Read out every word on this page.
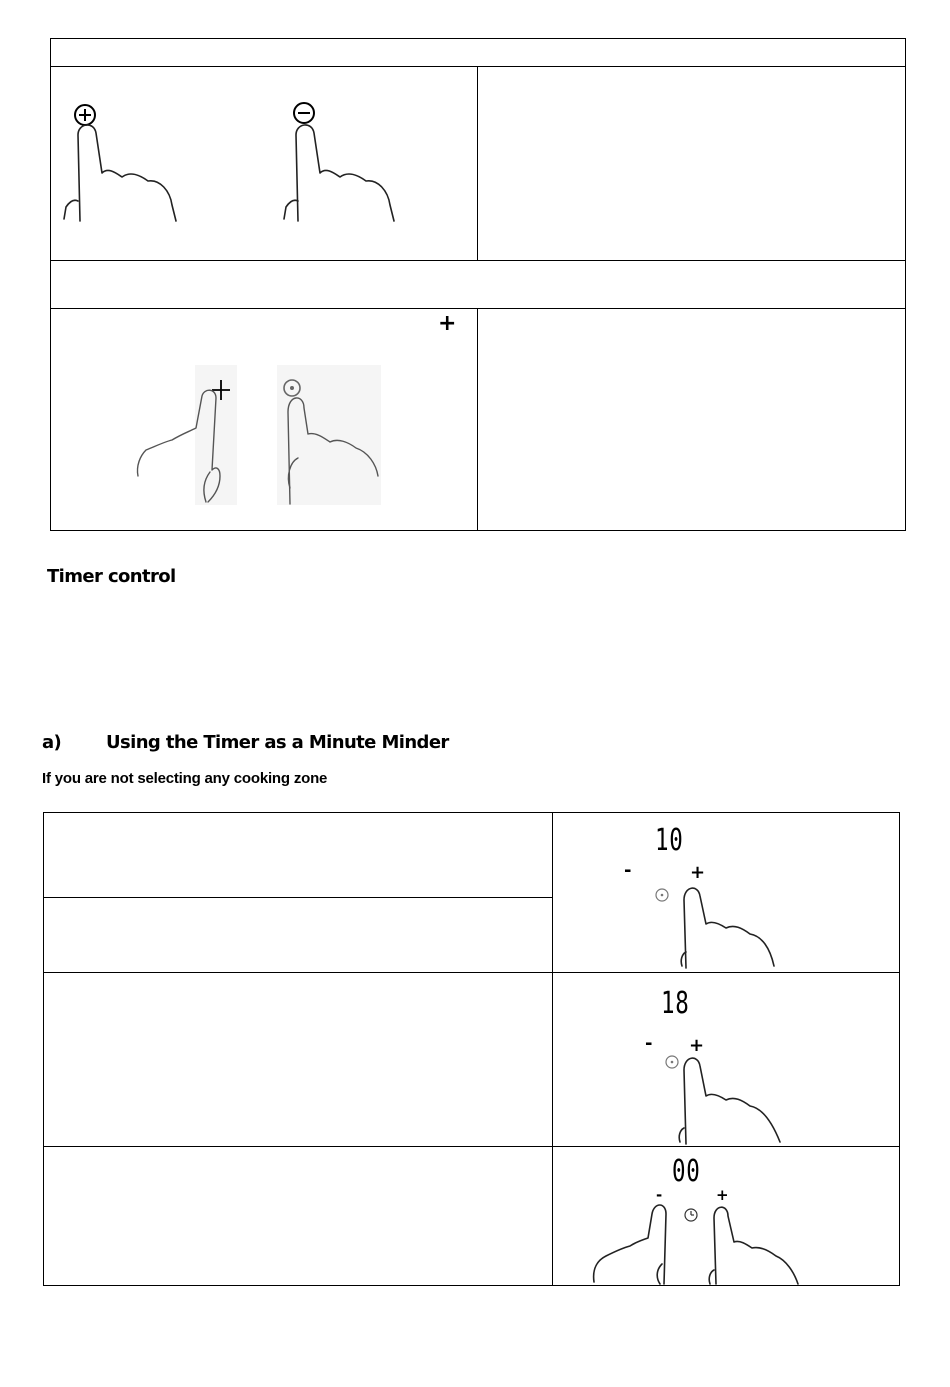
+
Timer control
a) Using the Timer as a Minute Minder
If you are not selecting any cooking zone
10
-	+
18
- +
00
-	+
